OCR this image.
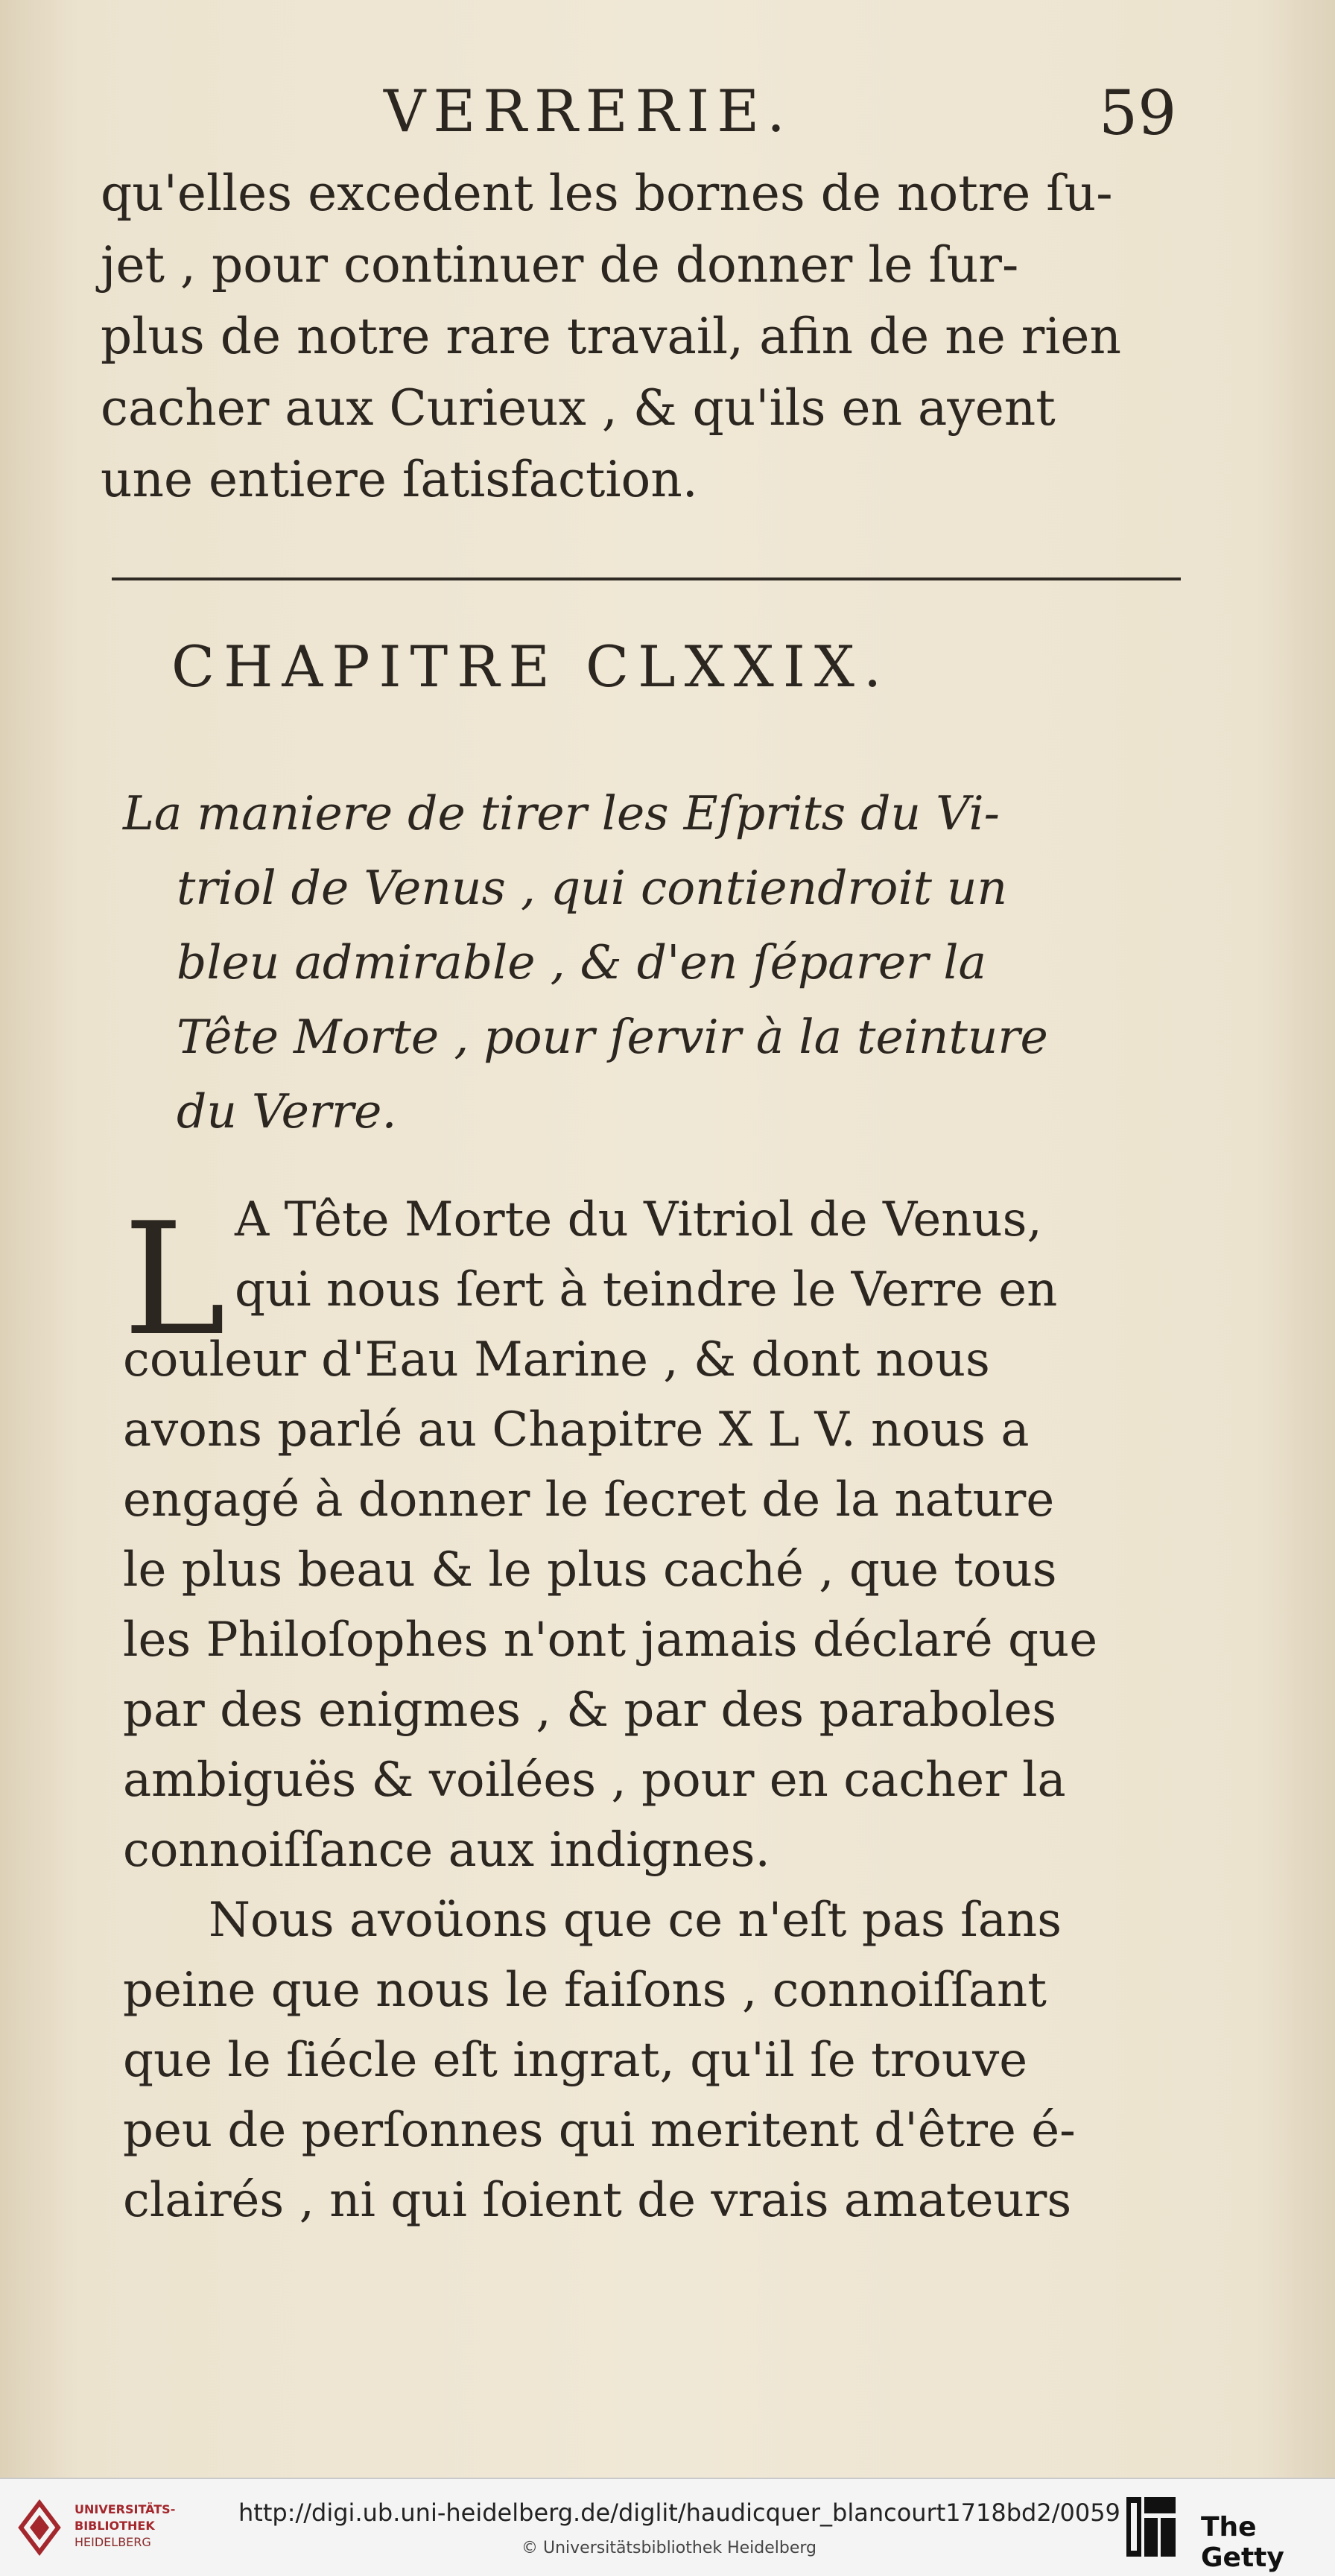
VERRERIE.	59
qu'elles excedent les bornes de notre ſu-
jet , pour continuer de donner le ſur-
plus de notre rare travail, afin de ne rien
cacher aux Curieux , & qu'ils en ayent
une entiere ſatisfaction.
CHAPITRE CLXXIX.
La maniere de tirer les Eſprits du Vi-
triol de Venus , qui contiendroit un
bleu admirable , & d'en ſéparer la
Tête Morte , pour ſervir à la teinture
du Verre.
L A Tête Morte du Vitriol de Venus,
qui nous ſert à teindre le Verre en
couleur d'Eau Marine , & dont nous
avons parlé au Chapitre X L V. nous a
engagé à donner le ſecret de la nature
le plus beau & le plus caché , que tous
les Philoſophes n'ont jamais déclaré que
par des enigmes , & par des paraboles
ambiguës & voilées , pour en cacher la
connoiſſance aux indignes.
Nous avoüons que ce n'eſt pas ſans
peine que nous le faiſons , connoiſſant
que le ſiécle eſt ingrat, qu'il ſe trouve
peu de perſonnes qui meritent d'être é-
clairés , ni qui ſoient de vrais amateurs
UNIVERSITÄTS-
BIBLIOTHEK
HEIDELBERG
http://digi.ub.uni-heidelberg.de/diglit/haudicquer_blancourt1718bd2/0059
© Universitätsbibliothek Heidelberg
The Getty
